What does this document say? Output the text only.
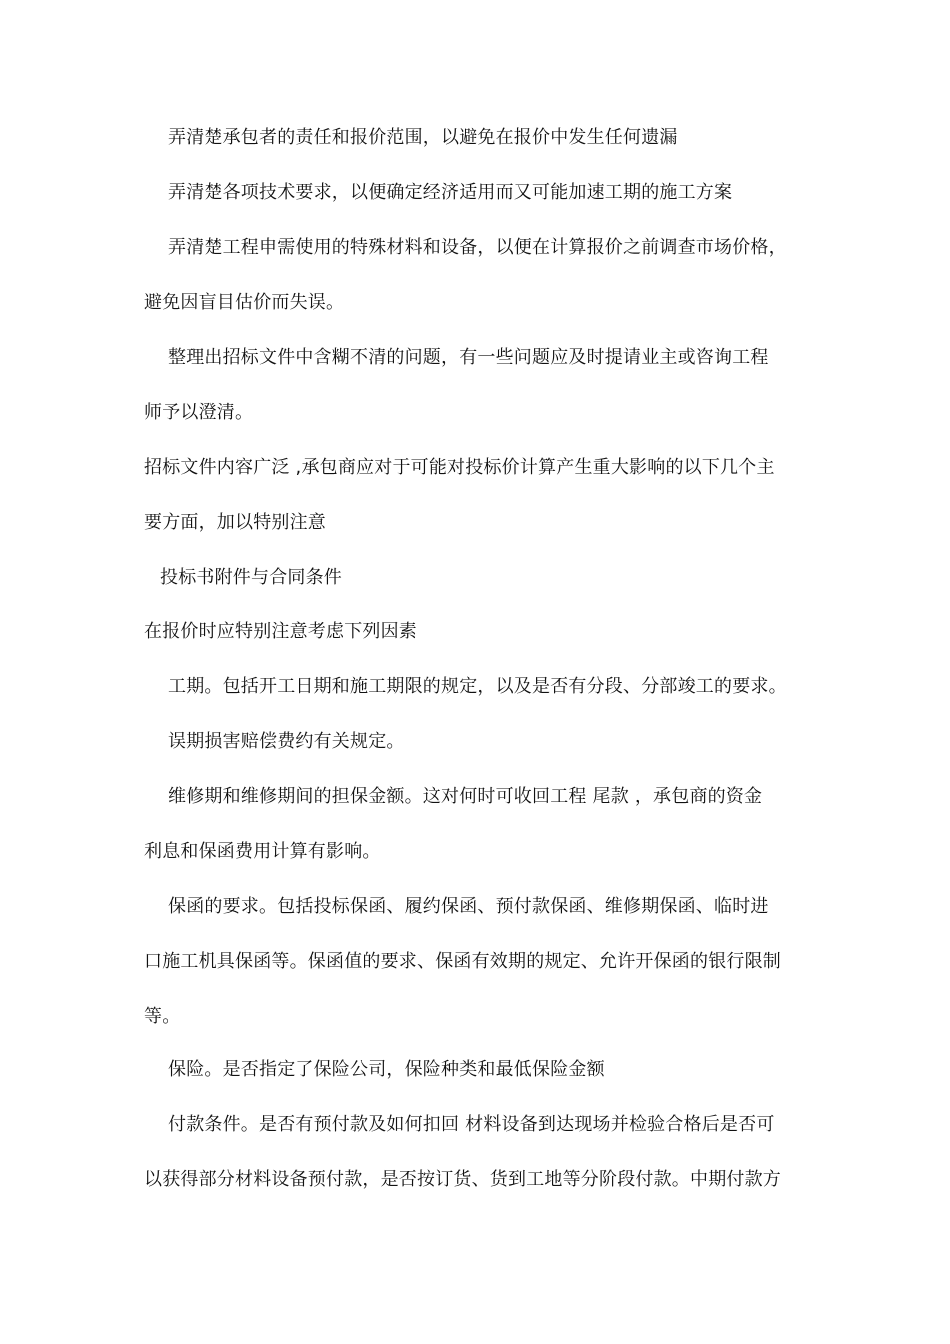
弄清楚承包者的责任和报价范围，以避免在报价中发生任何遗漏
弄清楚各项技术要求，以便确定经济适用而又可能加速工期的施工方案
弄清楚工程申需使用的特殊材料和设备，以便在计算报价之前调查市场价格，
避免因盲目估价而失误。
整理出招标文件中含糊不清的问题，有一些问题应及时提请业主或咨询工程
师予以澄清。
招标文件内容广泛 ,承包商应对于可能对投标价计算产生重大影响的以下几个主
要方面，加以特别注意
投标书附件与合同条件
在报价时应特别注意考虑下列因素
工期。包括开工日期和施工期限的规定，以及是否有分段、分部竣工的要求。
误期损害赔偿费约有关规定。
维修期和维修期间的担保金额。这对何时可收回工程 尾款 ，承包商的资金
利息和保函费用计算有影响。
保函的要求。包括投标保函、履约保函、预付款保函、维修期保函、临时进
口施工机具保函等。保函值的要求、保函有效期的规定、允许开保函的银行限制
等。
保险。是否指定了保险公司，保险种类和最低保险金额
付款条件。是否有预付款及如何扣回 材料设备到达现场并检验合格后是否可
以获得部分材料设备预付款，是否按订货、货到工地等分阶段付款。中期付款方
